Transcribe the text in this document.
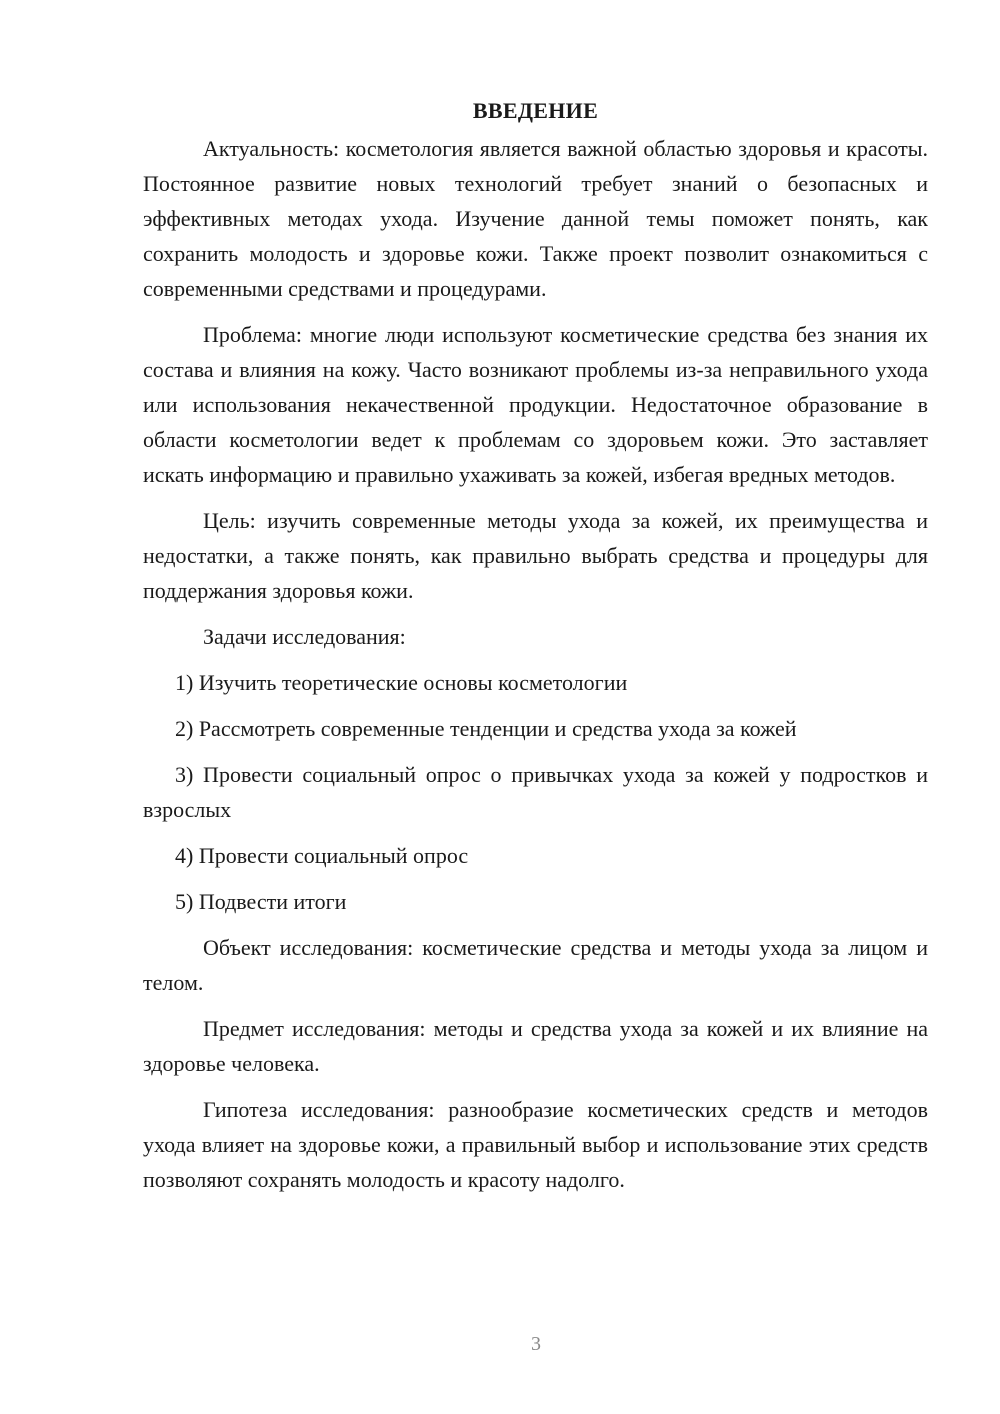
ВВЕДЕНИЕ

Актуальность: косметология является важной областью здоровья и красоты. Постоянное развитие новых технологий требует знаний о безопасных и эффективных методах ухода. Изучение данной темы поможет понять, как сохранить молодость и здоровье кожи. Также проект позволит ознакомиться с современными средствами и процедурами.

Проблема: многие люди используют косметические средства без знания их состава и влияния на кожу. Часто возникают проблемы из-за неправильного ухода или использования некачественной продукции. Недостаточное образование в области косметологии ведет к проблемам со здоровьем кожи. Это заставляет искать информацию и правильно ухаживать за кожей, избегая вредных методов.

Цель: изучить современные методы ухода за кожей, их преимущества и недостатки, а также понять, как правильно выбрать средства и процедуры для поддержания здоровья кожи.

Задачи исследования:

1) Изучить теоретические основы косметологии

2) Рассмотреть современные тенденции и средства ухода за кожей

3) Провести социальный опрос о привычках ухода за кожей у подростков и взрослых

4) Провести социальный опрос

5) Подвести итоги

Объект исследования: косметические средства и методы ухода за лицом и телом.

Предмет исследования: методы и средства ухода за кожей и их влияние на здоровье человека.

Гипотеза исследования: разнообразие косметических средств и методов ухода влияет на здоровье кожи, а правильный выбор и использование этих средств позволяют сохранять молодость и красоту надолго.

3
